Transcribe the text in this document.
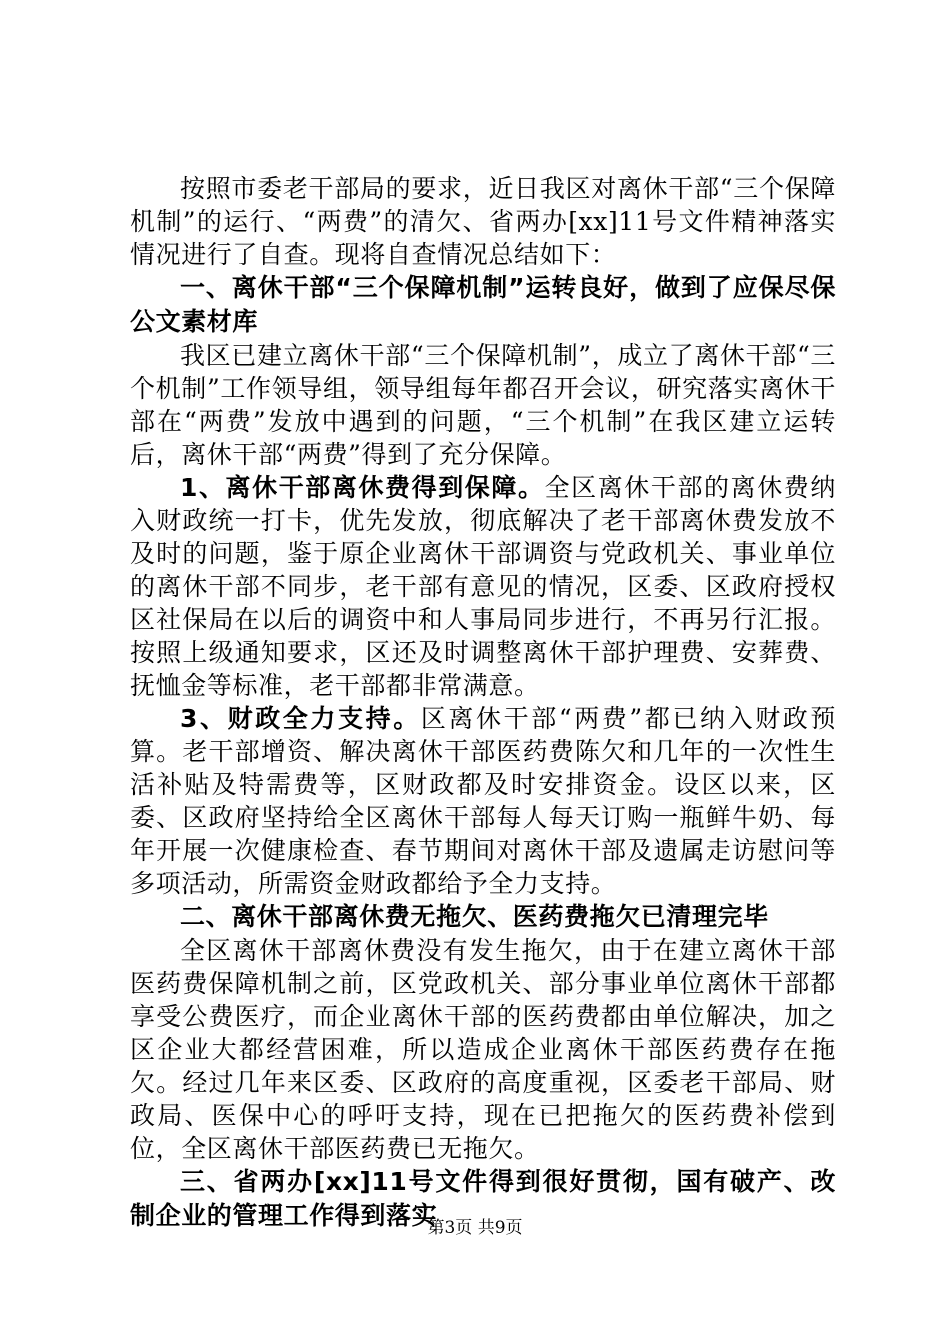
按照市委老干部局的要求，近日我区对离休干部“三个保障机制”的运行、“两费”的清欠、省两办[xx]11号文件精神落实情况进行了自查。现将自查情况总结如下：

一、离休干部“三个保障机制”运转良好，做到了应保尽保公文素材库

我区已建立离休干部“三个保障机制”，成立了离休干部“三个机制”工作领导组，领导组每年都召开会议，研究落实离休干部在“两费”发放中遇到的问题，“三个机制”在我区建立运转后，离休干部“两费”得到了充分保障。

1、离休干部离休费得到保障。全区离休干部的离休费纳入财政统一打卡，优先发放，彻底解决了老干部离休费发放不及时的问题，鉴于原企业离休干部调资与党政机关、事业单位的离休干部不同步，老干部有意见的情况，区委、区政府授权区社保局在以后的调资中和人事局同步进行，不再另行汇报。按照上级通知要求，区还及时调整离休干部护理费、安葬费、抚恤金等标准，老干部都非常满意。

3、财政全力支持。区离休干部“两费”都已纳入财政预算。老干部增资、解决离休干部医药费陈欠和几年的一次性生活补贴及特需费等，区财政都及时安排资金。设区以来，区委、区政府坚持给全区离休干部每人每天订购一瓶鲜牛奶、每年开展一次健康检查、春节期间对离休干部及遗属走访慰问等多项活动，所需资金财政都给予全力支持。

二、离休干部离休费无拖欠、医药费拖欠已清理完毕

全区离休干部离休费没有发生拖欠，由于在建立离休干部医药费保障机制之前，区党政机关、部分事业单位离休干部都享受公费医疗，而企业离休干部的医药费都由单位解决，加之区企业大都经营困难，所以造成企业离休干部医药费存在拖欠。经过几年来区委、区政府的高度重视，区委老干部局、财政局、医保中心的呼吁支持，现在已把拖欠的医药费补偿到位，全区离休干部医药费已无拖欠。

三、省两办[xx]11号文件得到很好贯彻，国有破产、改制企业的管理工作得到落实

第3页 共9页
